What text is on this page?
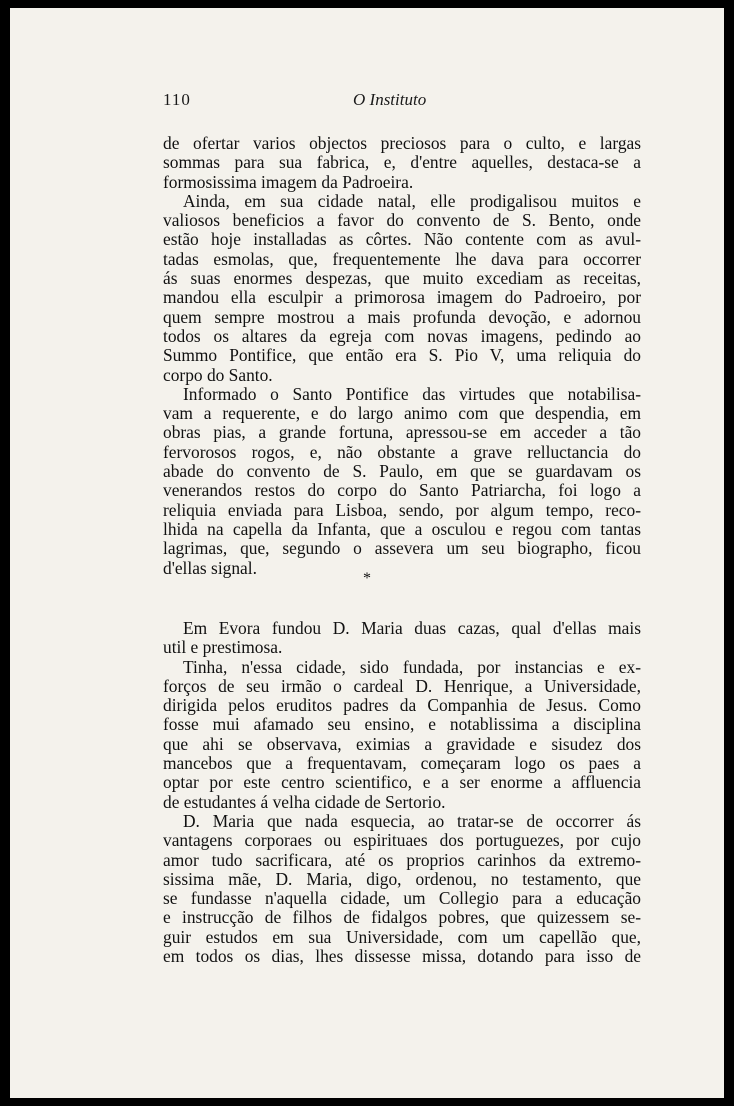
110	O Instituto
de ofertar varios objectos preciosos para o culto, e largas
sommas para sua fabrica, e, d'entre aquelles, destaca-se a
formosissima imagem da Padroeira.
Ainda, em sua cidade natal, elle prodigalisou muitos e
valiosos beneficios a favor do convento de S. Bento, onde
estão hoje installadas as côrtes. Não contente com as avul-
tadas esmolas, que, frequentemente lhe dava para occorrer
ás suas enormes despezas, que muito excediam as receitas,
mandou ella esculpir a primorosa imagem do Padroeiro, por
quem sempre mostrou a mais profunda devoção, e adornou
todos os altares da egreja com novas imagens, pedindo ao
Summo Pontifice, que então era S. Pio V, uma reliquia do
corpo do Santo.
Informado o Santo Pontifice das virtudes que notabilisa-
vam a requerente, e do largo animo com que despendia, em
obras pias, a grande fortuna, apressou-se em acceder a tão
fervorosos rogos, e, não obstante a grave relluctancia do
abade do convento de S. Paulo, em que se guardavam os
venerandos restos do corpo do Santo Patriarcha, foi logo a
reliquia enviada para Lisboa, sendo, por algum tempo, reco-
lhida na capella da Infanta, que a osculou e regou com tantas
lagrimas, que, segundo o assevera um seu biographo, ficou
d'ellas signal.
*
Em Evora fundou D. Maria duas cazas, qual d'ellas mais
util e prestimosa.
Tinha, n'essa cidade, sido fundada, por instancias e ex-
forços de seu irmão o cardeal D. Henrique, a Universidade,
dirigida pelos eruditos padres da Companhia de Jesus. Como
fosse mui afamado seu ensino, e notablissima a disciplina
que ahi se observava, eximias a gravidade e sisudez dos
mancebos que a frequentavam, começaram logo os paes a
optar por este centro scientifico, e a ser enorme a affluencia
de estudantes á velha cidade de Sertorio.
D. Maria que nada esquecia, ao tratar-se de occorrer ás
vantagens corporaes ou espirituaes dos portuguezes, por cujo
amor tudo sacrificara, até os proprios carinhos da extremo-
sissima mãe, D. Maria, digo, ordenou, no testamento, que
se fundasse n'aquella cidade, um Collegio para a educação
e instrucção de filhos de fidalgos pobres, que quizessem se-
guir estudos em sua Universidade, com um capellão que,
em todos os dias, lhes dissesse missa, dotando para isso de
